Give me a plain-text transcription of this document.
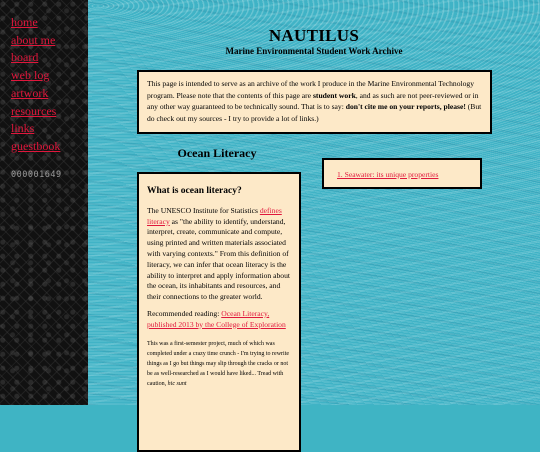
home
about me
board
web log
artwork
resources
links
guestbook
000001649
NAUTILUS
Marine Environmental Student Work Archive
This page is intended to serve as an archive of the work I produce in the Marine Environmental Technology program. Please note that the contents of this page are student work, and as such are not peer-reviewed or in any other way guaranteed to be technically sound. That is to say: don't cite me on your reports, please! (But do check out my sources - I try to provide a lot of links.)
Ocean Literacy
What is ocean literacy?

The UNESCO Institute for Statistics defines literacy as "the ability to identify, understand, interpret, create, communicate and compute, using printed and written materials associated with varying contexts." From this definition of literacy, we can infer that ocean literacy is the ability to interpret and apply information about the ocean, its inhabitants and resources, and their connections to the greater world.

Recommended reading: Ocean Literacy, published 2013 by the College of Exploration

This was a first-semester project, much of which was completed under a crazy time crunch - I'm trying to rewrite things as I go but things may slip through the cracks or not be as well-researched as I would have liked... Tread with caution, hic sunt

1. Seawater: its unique properties
